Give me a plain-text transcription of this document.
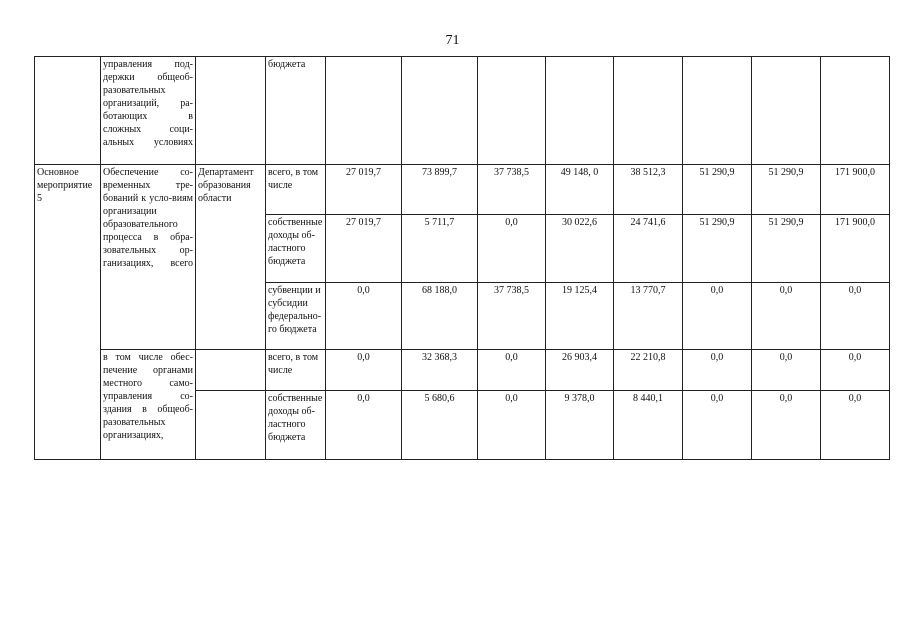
71
	управления под-держки общеоб-разовательных организаций, ра-ботающих в сложных соци-альных условиях		бюджета								
Основное мероприятие 5	Обеспечение со-временных тре-бований к усло-виям организации образовательного процесса в обра-зовательных ор-ганизациях, всего	Департамент образования области	всего, в том числе	27 019,7	73 899,7	37 738,5	49 148, 0	38 512,3	51 290,9	51 290,9	171 900,0
			собственные доходы об-ластного бюджета	27 019,7	5 711,7	0,0	30 022,6	24 741,6	51 290,9	51 290,9	171 900,0
			субвенции и субсидии федерально-го бюджета	0,0	68 188,0	37 738,5	19 125,4	13 770,7	0,0	0,0	0,0
	в том числе обес-печение органами местного само-управления со-здания в общеоб-разовательных организациях,		всего, в том числе	0,0	32 368,3	0,0	26 903,4	22 210,8	0,0	0,0	0,0
			собственные доходы об-ластного бюджета	0,0	5 680,6	0,0	9 378,0	8 440,1	0,0	0,0	0,0
